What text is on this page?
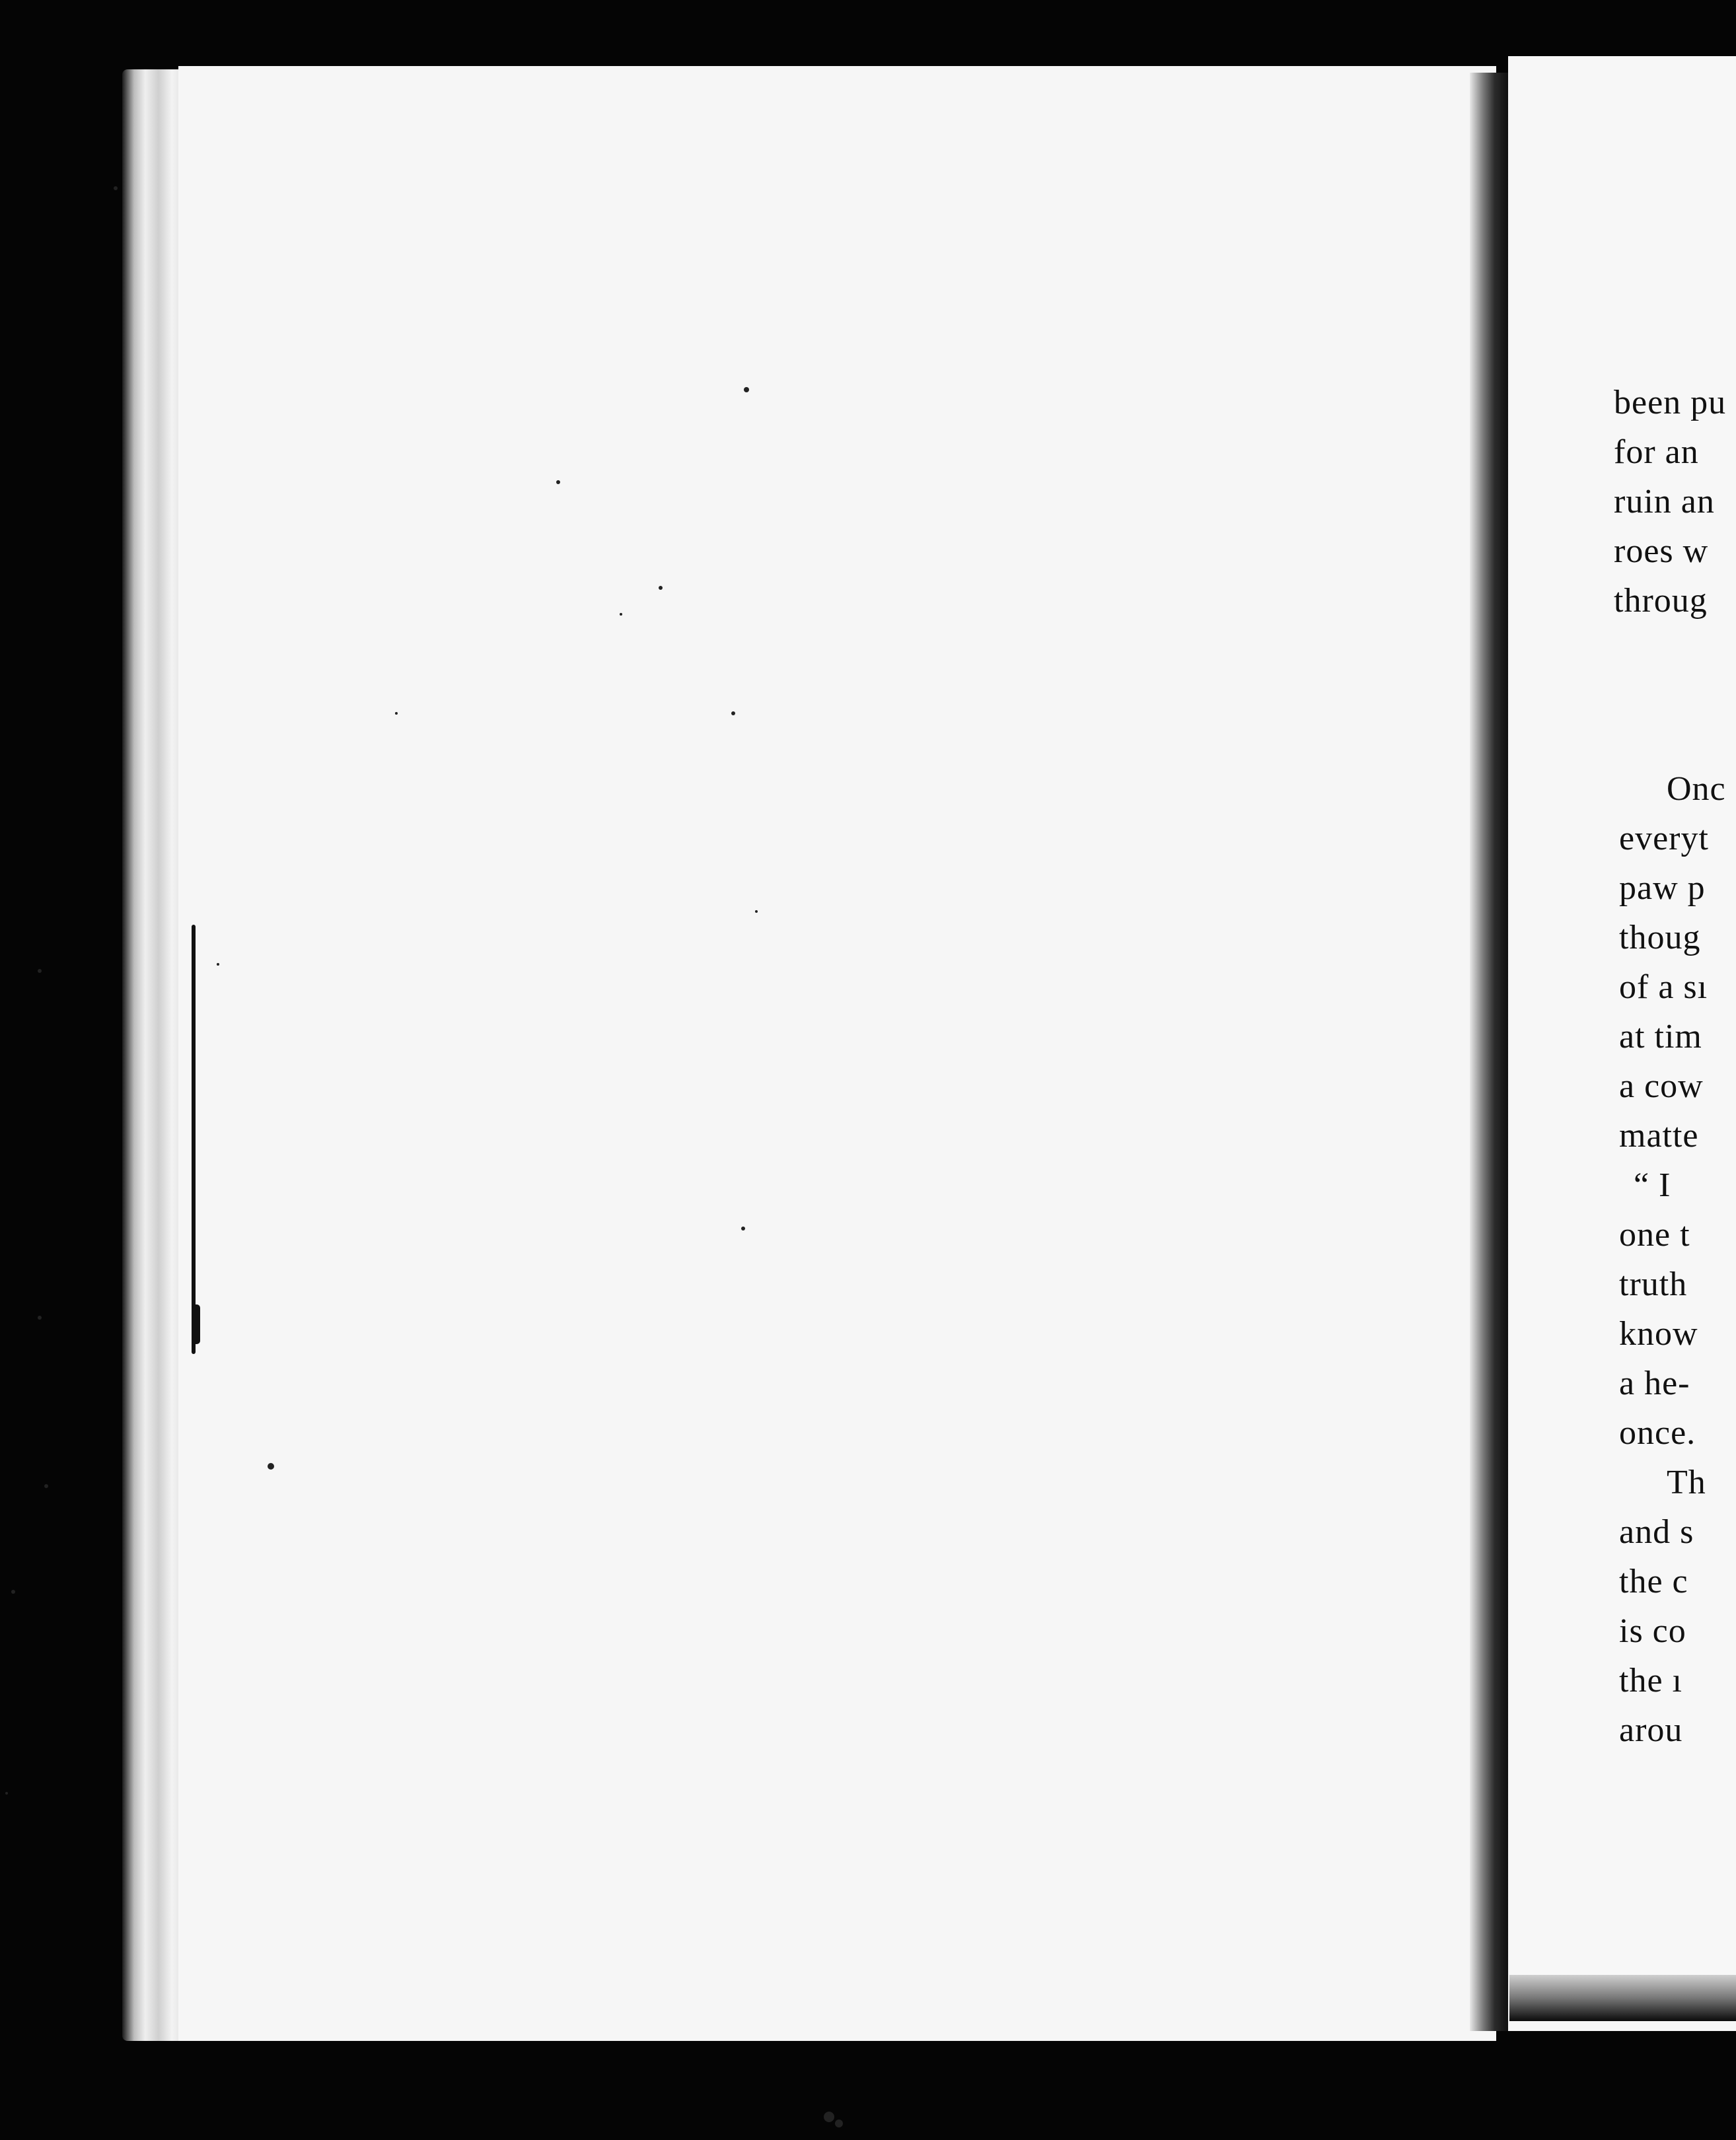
been pu
for an
ruin an
roes w
throug
Onc
everyt
paw p
thoug
of a sı
at tim
a cow
matte
“ I
one t
truth
know
a he-
once.
Th
and s
the c
is co
the ı
arou
